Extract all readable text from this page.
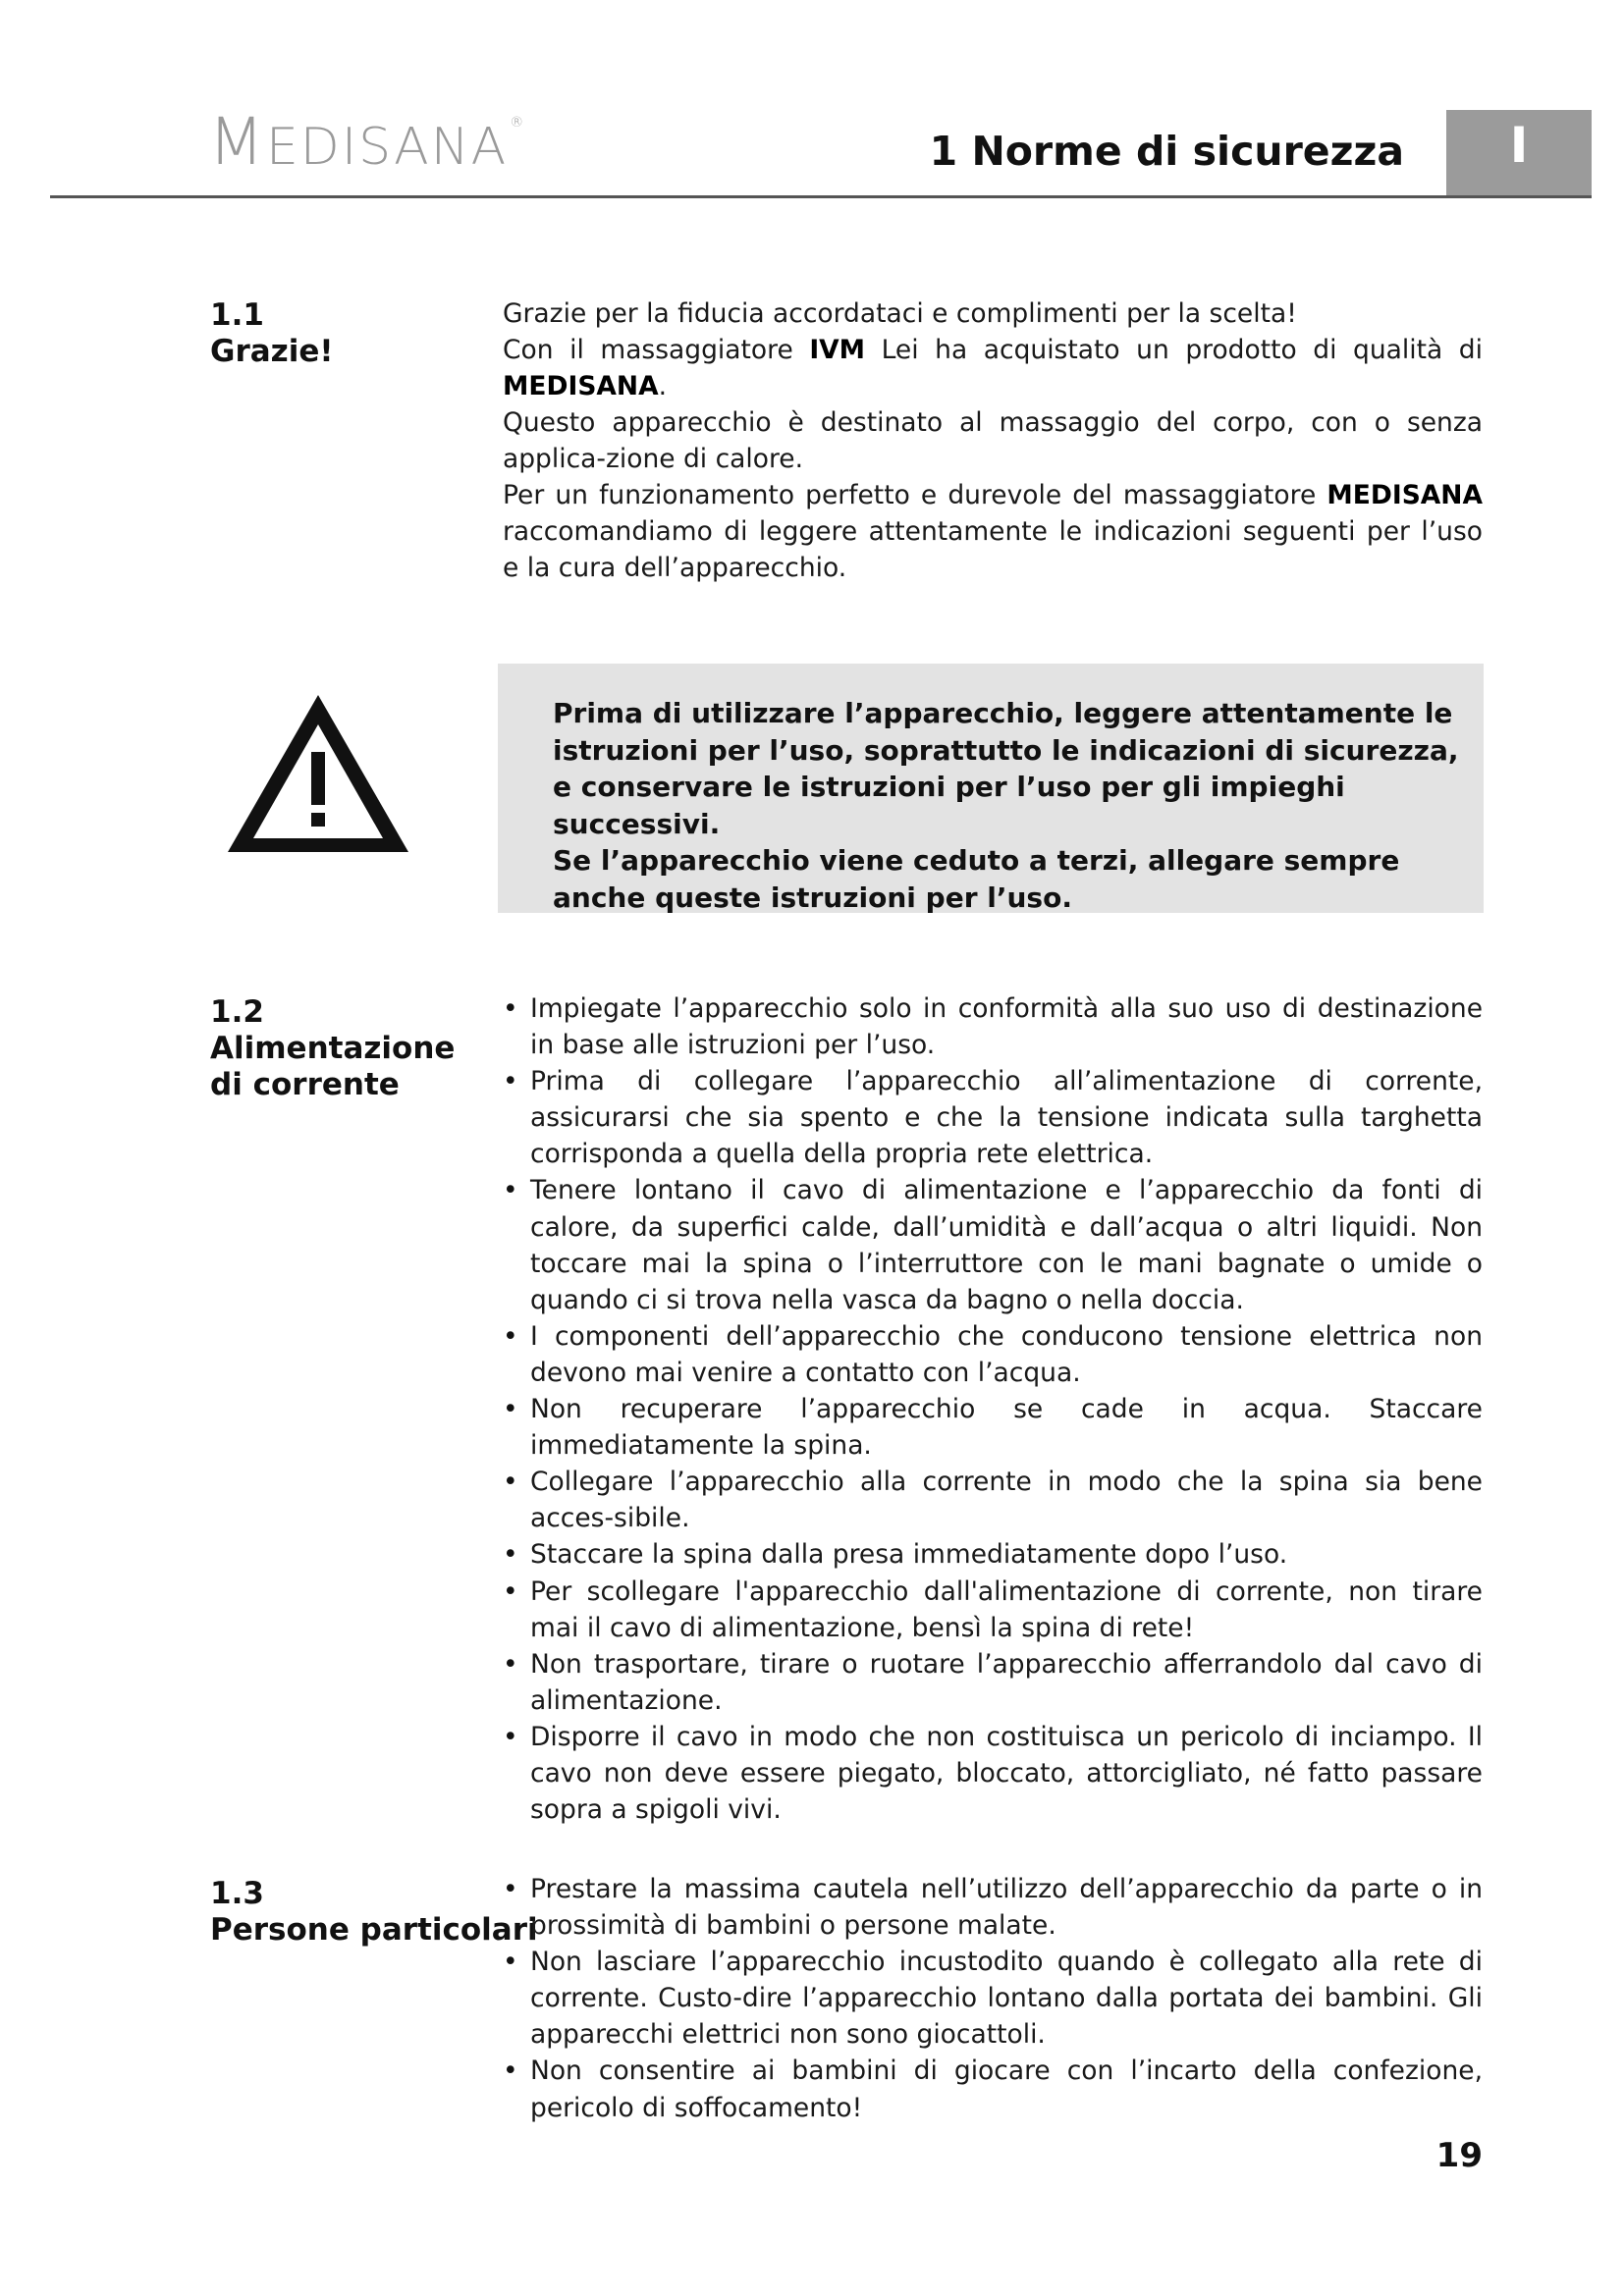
MEDISANA ®
1 Norme di sicurezza	I
1.1
Grazie!

Grazie per la fiducia accordataci e complimenti per la scelta!

Con il massaggiatore IVM Lei ha acquistato un prodotto di qualità di MEDISANA.

Questo apparecchio è destinato al massaggio del corpo, con o senza applica-zione di calore.

Per un funzionamento perfetto e durevole del massaggiatore MEDISANA raccomandiamo di leggere attentamente le indicazioni seguenti per l’uso e la cura dell’apparecchio.

Prima di utilizzare l’apparecchio, leggere attentamente le istruzioni per l’uso, soprattutto le indicazioni di sicurezza, e conservare le istruzioni per l’uso per gli impieghi successivi.

Se l’apparecchio viene ceduto a terzi, allegare sempre anche queste istruzioni per l’uso.

1.2
Alimentazione
di corrente
• Impiegate l’apparecchio solo in conformità alla suo uso di destinazione in base alle istruzioni per l’uso.
• Prima di collegare l’apparecchio all’alimentazione di corrente, assicurarsi che sia spento e che la tensione indicata sulla targhetta corrisponda a quella della propria rete elettrica.
• Tenere lontano il cavo di alimentazione e l’apparecchio da fonti di calore, da superfici calde, dall’umidità e dall’acqua o altri liquidi. Non toccare mai la spina o l’interruttore con le mani bagnate o umide o quando ci si trova nella vasca da bagno o nella doccia.
• I componenti dell’apparecchio che conducono tensione elettrica non devono mai venire a contatto con l’acqua.
• Non recuperare l’apparecchio se cade in acqua. Staccare immediatamente la spina.
• Collegare l’apparecchio alla corrente in modo che la spina sia bene acces-sibile.
• Staccare la spina dalla presa immediatamente dopo l’uso.
• Per scollegare l'apparecchio dall'alimentazione di corrente, non tirare mai il cavo di alimentazione, bensì la spina di rete!
• Non trasportare, tirare o ruotare l’apparecchio afferrandolo dal cavo di alimentazione.
• Disporre il cavo in modo che non costituisca un pericolo di inciampo. Il cavo non deve essere piegato, bloccato, attorcigliato, né fatto passare sopra a spigoli vivi.
1.3
Persone particolari
• Prestare la massima cautela nell’utilizzo dell’apparecchio da parte o in prossimità di bambini o persone malate.
• Non lasciare l’apparecchio incustodito quando è collegato alla rete di corrente. Custo-dire l’apparecchio lontano dalla portata dei bambini. Gli apparecchi elettrici non sono giocattoli.
• Non consentire ai bambini di giocare con l’incarto della confezione, pericolo di soffocamento!
19
